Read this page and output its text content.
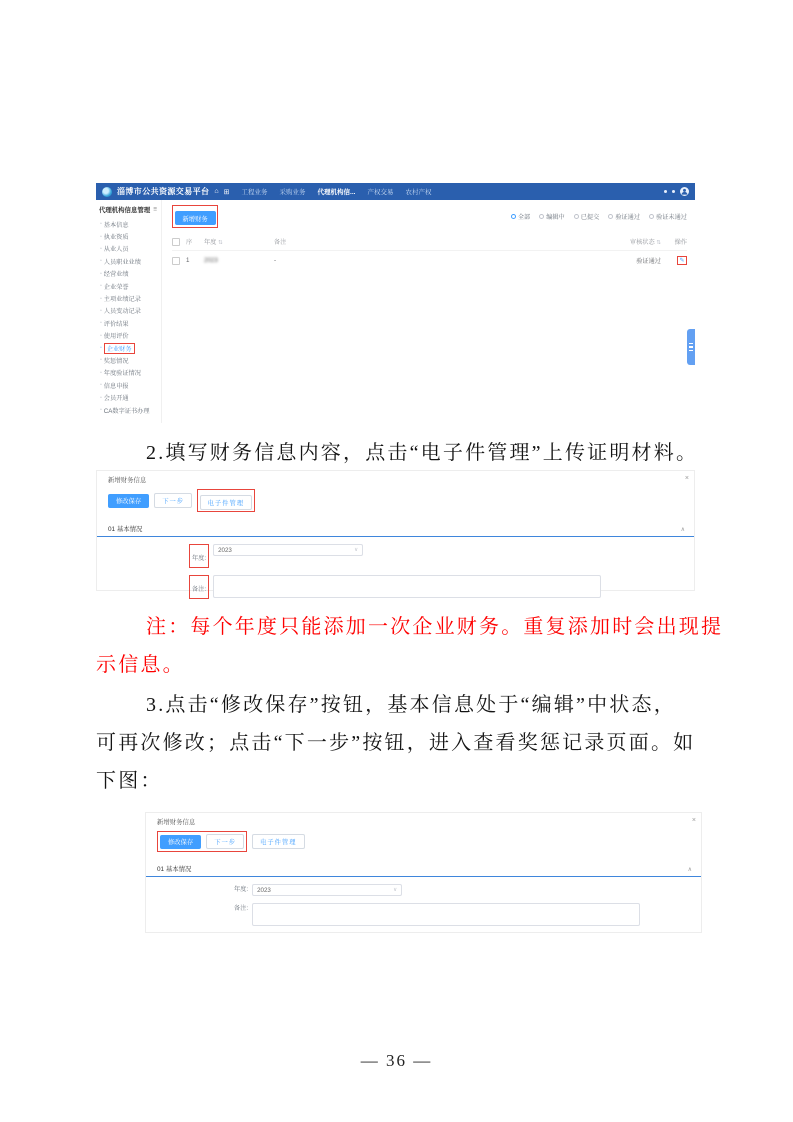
淄博市公共资源交易平台 ⌂ ⊞ 工程业务 采购业务 代理机构信... 产权交易 农村产权
代理机构信息管理 ≡
▫ 基本信息
▫ 执业资质
▫ 从业人员
▫ 人员职业业绩
▫ 经营业绩
▫ 企业荣誉
▫ 主项业绩记录
▫ 人员变动记录
▫ 评价结果
▫ 使用评价
▫ 企业财务
▫ 奖惩情况
▫ 年度验证情况
▫ 信息申报
▫ 会员开通
▫ CA数字证书办理
新增财务	全部	编辑中	已提交	验证通过	验证未通过
序	年度 ⇅	备注	审核状态 ⇅	操作
1	2023	-	验证通过	✎
2.填写财务信息内容，点击“电子件管理”上传证明材料。
新增财务信息	×
修改保存	下一步	电子件管理
01 基本情况	∧
年度:
2023	∨
备注:
注：每个年度只能添加一次企业财务。重复添加时会出现提
示信息。
3.点击“修改保存”按钮，基本信息处于“编辑”中状态，
可再次修改；点击“下一步”按钮，进入查看奖惩记录页面。如
下图：
新增财务信息	×
修改保存	下一步	电子件管理
01 基本情况	∧
年度: 2023	∨
备注:
— 36 —
